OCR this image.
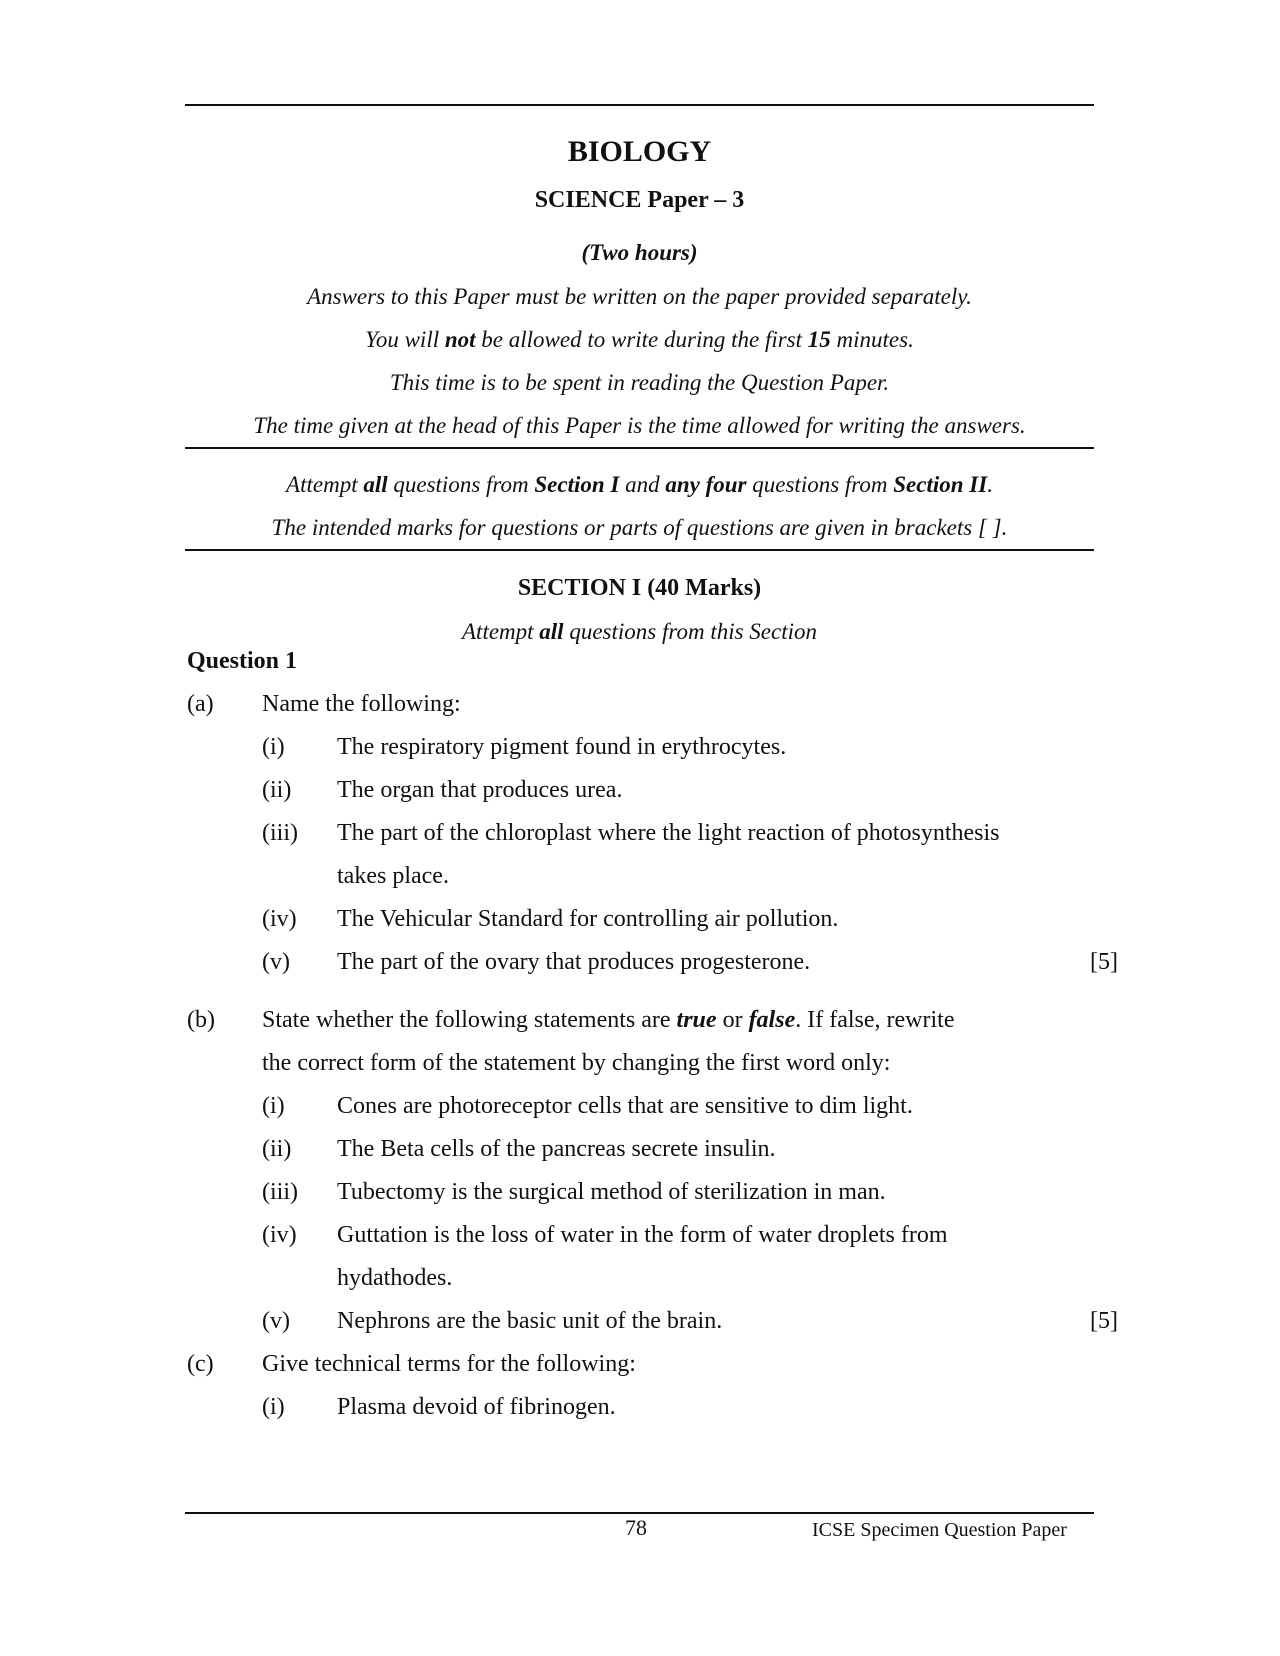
BIOLOGY
SCIENCE Paper – 3
(Two hours)
Answers to this Paper must be written on the paper provided separately.
You will not be allowed to write during the first 15 minutes.
This time is to be spent in reading the Question Paper.
The time given at the head of this Paper is the time allowed for writing the answers.
Attempt all questions from Section I and any four questions from Section II.
The intended marks for questions or parts of questions are given in brackets [ ].
SECTION I (40 Marks)
Attempt all questions from this Section
Question 1
(a) Name the following:
(i) The respiratory pigment found in erythrocytes.
(ii) The organ that produces urea.
(iii) The part of the chloroplast where the light reaction of photosynthesis
takes place.
(iv) The Vehicular Standard for controlling air pollution.
(v) The part of the ovary that produces progesterone.	[5]
(b) State whether the following statements are true or false. If false, rewrite
the correct form of the statement by changing the first word only:
(i) Cones are photoreceptor cells that are sensitive to dim light.
(ii) The Beta cells of the pancreas secrete insulin.
(iii) Tubectomy is the surgical method of sterilization in man.
(iv) Guttation is the loss of water in the form of water droplets from
hydathodes.
(v) Nephrons are the basic unit of the brain.	[5]
(c) Give technical terms for the following:
(i) Plasma devoid of fibrinogen.
78	ICSE Specimen Question Paper
